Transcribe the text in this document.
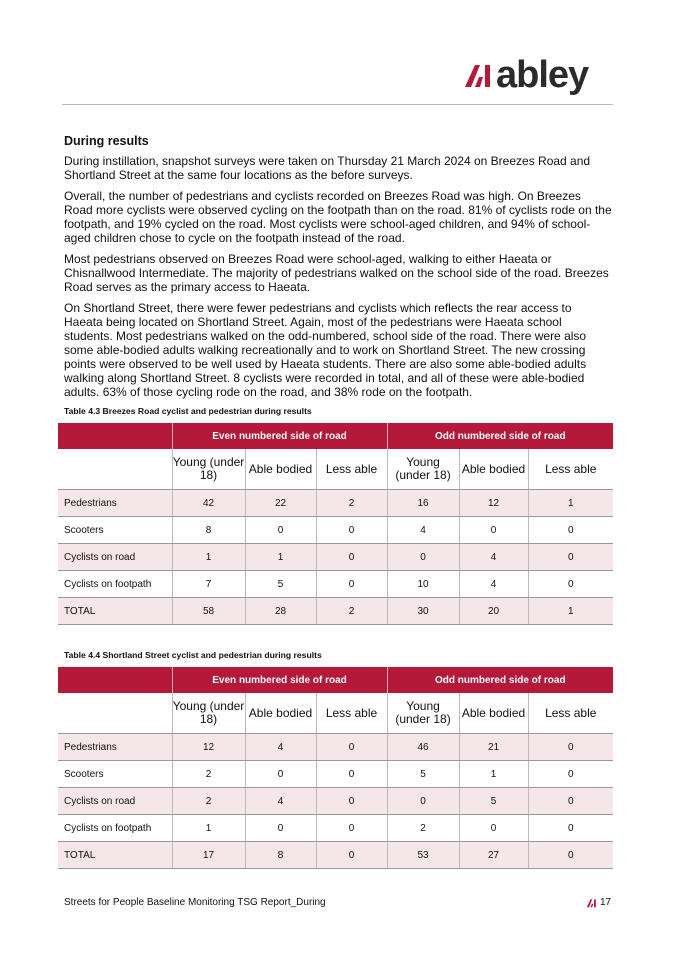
abley
During results

During instillation, snapshot surveys were taken on Thursday 21 March 2024 on Breezes Road and Shortland Street at the same four locations as the before surveys.

Overall, the number of pedestrians and cyclists recorded on Breezes Road was high. On Breezes Road more cyclists were observed cycling on the footpath than on the road. 81% of cyclists rode on the footpath, and 19% cycled on the road. Most cyclists were school-aged children, and 94% of school-aged children chose to cycle on the footpath instead of the road.

Most pedestrians observed on Breezes Road were school-aged, walking to either Haeata or Chisnallwood Intermediate. The majority of pedestrians walked on the school side of the road. Breezes Road serves as the primary access to Haeata.

On Shortland Street, there were fewer pedestrians and cyclists which reflects the rear access to Haeata being located on Shortland Street. Again, most of the pedestrians were Haeata school students. Most pedestrians walked on the odd-numbered, school side of the road. There were also some able-bodied adults walking recreationally and to work on Shortland Street. The new crossing points were observed to be well used by Haeata students. There are also some able-bodied adults walking along Shortland Street. 8 cyclists were recorded in total, and all of these were able-bodied adults. 63% of those cycling rode on the road, and 38% rode on the footpath.

Table 4.3 Breezes Road cyclist and pedestrian during results
	Even numbered side of road			Odd numbered side of road		
	Young (under 18)	Able bodied	Less able	Young (under 18)	Able bodied	Less able
Pedestrians	42	22	2	16	12	1
Scooters	8	0	0	4	0	0
Cyclists on road	1	1	0	0	4	0
Cyclists on footpath	7	5	0	10	4	0
TOTAL	58	28	2	30	20	1
Table 4.4 Shortland Street cyclist and pedestrian during results
	Even numbered side of road			Odd numbered side of road		
	Young (under 18)	Able bodied	Less able	Young (under 18)	Able bodied	Less able
Pedestrians	12	4	0	46	21	0
Scooters	2	0	0	5	1	0
Cyclists on road	2	4	0	0	5	0
Cyclists on footpath	1	0	0	2	0	0
TOTAL	17	8	0	53	27	0
Streets for People Baseline Monitoring TSG Report_During	17
